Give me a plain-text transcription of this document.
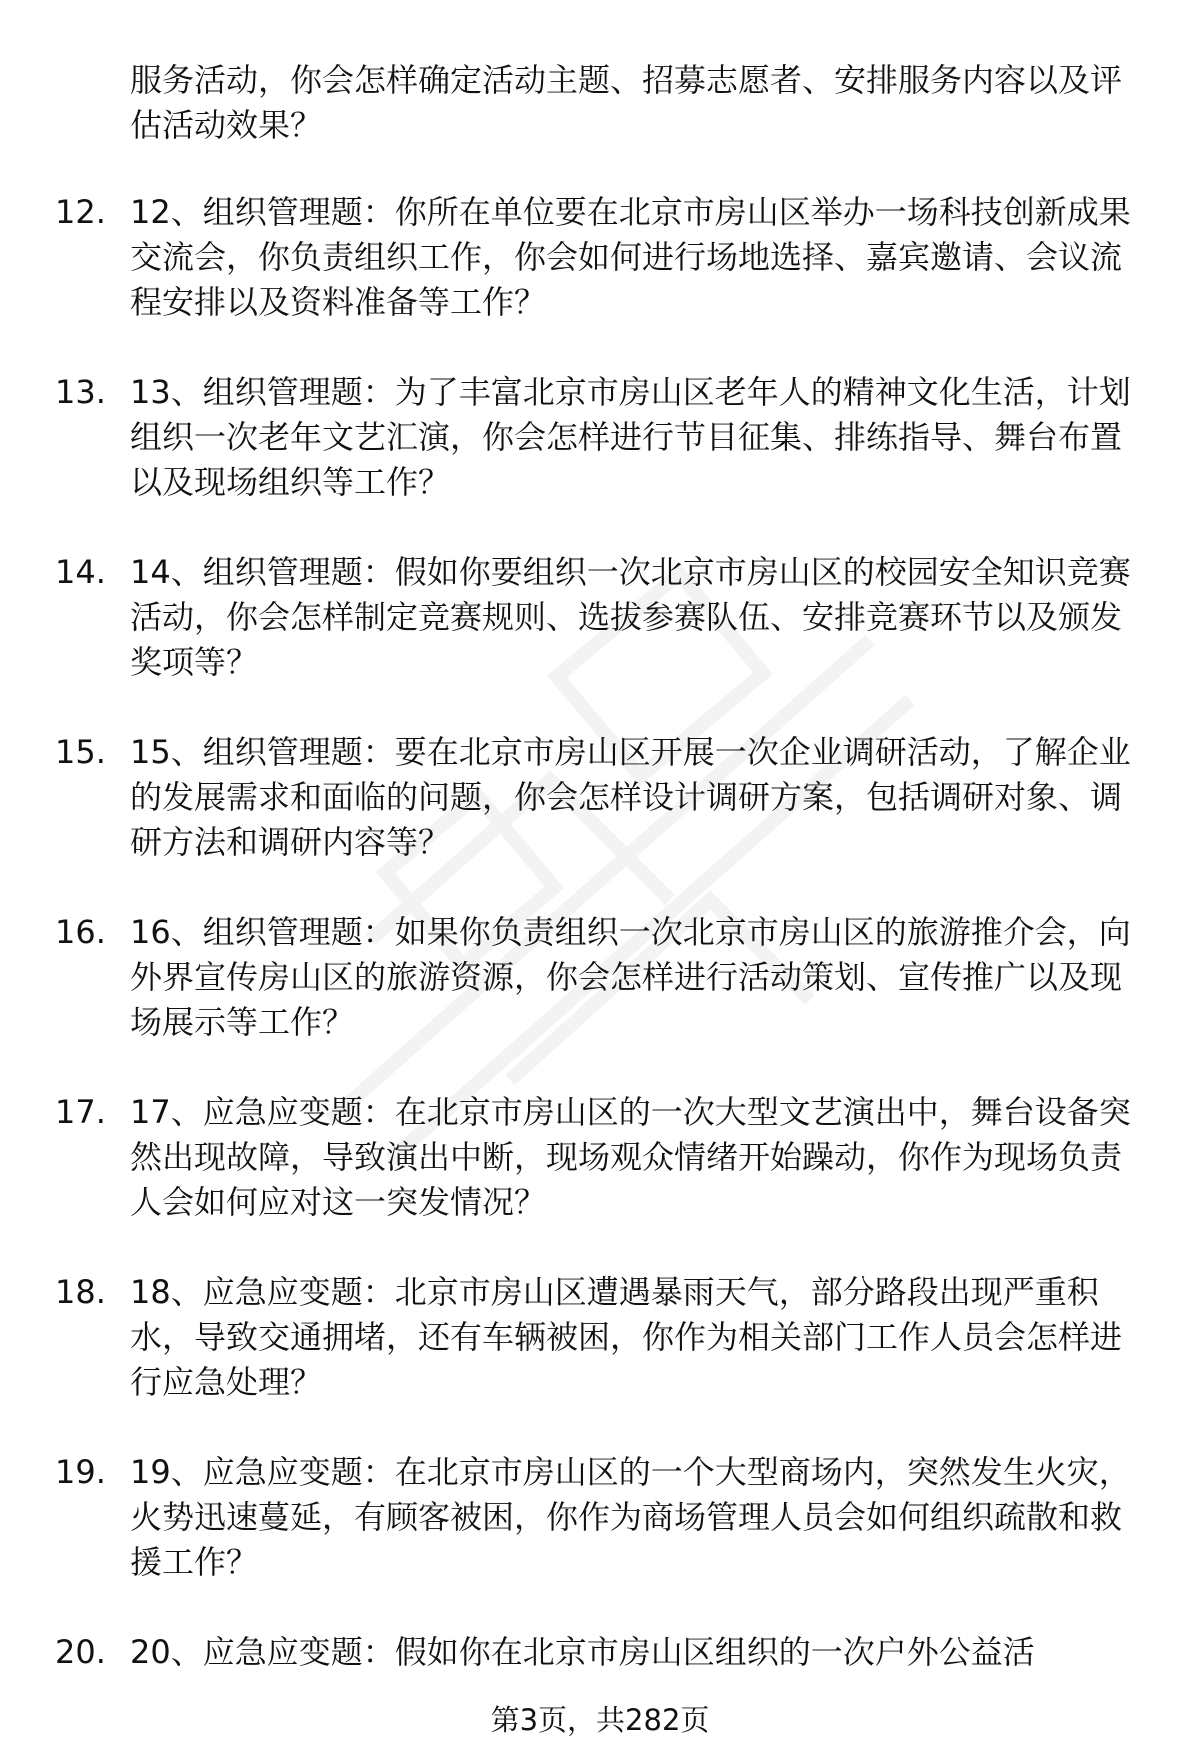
服务活动，你会怎样确定活动主题、招募志愿者、安排服务内容以及评估活动效果？
12. 12、组织管理题：你所在单位要在北京市房山区举办一场科技创新成果交流会，你负责组织工作，你会如何进行场地选择、嘉宾邀请、会议流程安排以及资料准备等工作？
13. 13、组织管理题：为了丰富北京市房山区老年人的精神文化生活，计划组织一次老年文艺汇演，你会怎样进行节目征集、排练指导、舞台布置以及现场组织等工作？
14. 14、组织管理题：假如你要组织一次北京市房山区的校园安全知识竞赛活动，你会怎样制定竞赛规则、选拔参赛队伍、安排竞赛环节以及颁发奖项等？
15. 15、组织管理题：要在北京市房山区开展一次企业调研活动，了解企业的发展需求和面临的问题，你会怎样设计调研方案，包括调研对象、调研方法和调研内容等？
16. 16、组织管理题：如果你负责组织一次北京市房山区的旅游推介会，向外界宣传房山区的旅游资源，你会怎样进行活动策划、宣传推广以及现场展示等工作？
17. 17、应急应变题：在北京市房山区的一次大型文艺演出中，舞台设备突然出现故障，导致演出中断，现场观众情绪开始躁动，你作为现场负责人会如何应对这一突发情况？
18. 18、应急应变题：北京市房山区遭遇暴雨天气，部分路段出现严重积水，导致交通拥堵，还有车辆被困，你作为相关部门工作人员会怎样进行应急处理？
19. 19、应急应变题：在北京市房山区的一个大型商场内，突然发生火灾，火势迅速蔓延，有顾客被困，你作为商场管理人员会如何组织疏散和救援工作？
20. 20、应急应变题：假如你在北京市房山区组织的一次户外公益活
第3页，共282页
